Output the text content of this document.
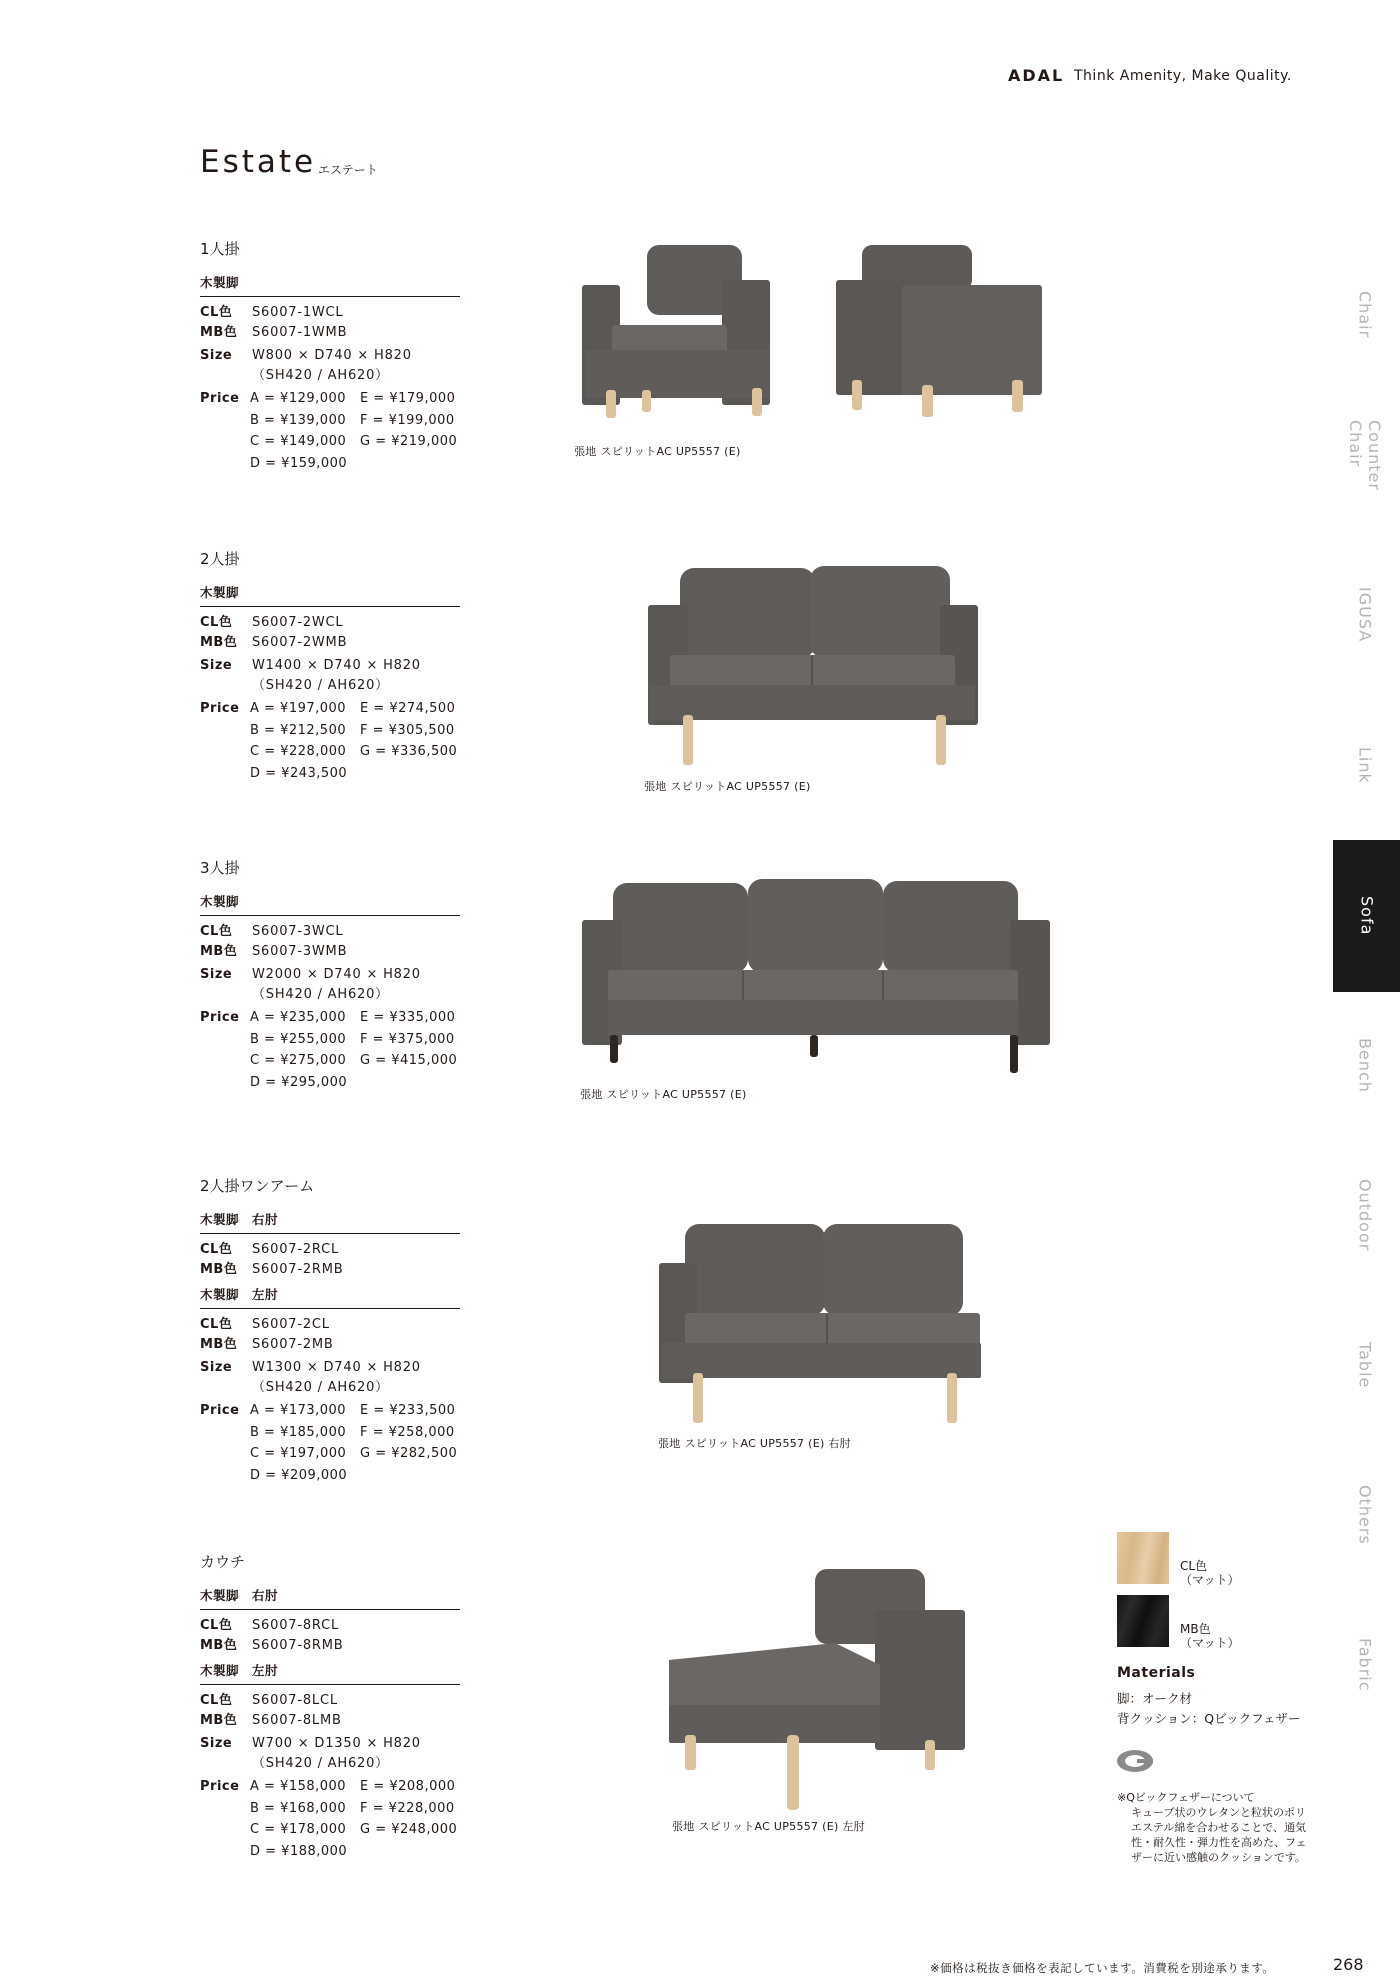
ADAL Think Amenity, Make Quality.
Estate エステート
1人掛
木製脚
CL色	S6007-1WCL
MB色	S6007-1WMB
Size	W800 × D740 × H820
（SH420 / AH620）
Price A = ¥129,000	E = ¥179,000
B = ¥139,000	F = ¥199,000
C = ¥149,000	G = ¥219,000
D = ¥159,000
2人掛
木製脚
CL色	S6007-2WCL
MB色	S6007-2WMB
Size	W1400 × D740 × H820
（SH420 / AH620）
Price A = ¥197,000	E = ¥274,500
B = ¥212,500	F = ¥305,500
C = ¥228,000	G = ¥336,500
D = ¥243,500
3人掛
木製脚
CL色	S6007-3WCL
MB色	S6007-3WMB
Size	W2000 × D740 × H820
（SH420 / AH620）
Price A = ¥235,000	E = ¥335,000
B = ¥255,000	F = ¥375,000
C = ¥275,000	G = ¥415,000
D = ¥295,000
2人掛ワンアーム
木製脚　右肘
CL色	S6007-2RCL
MB色	S6007-2RMB
木製脚　左肘
CL色	S6007-2CL
MB色	S6007-2MB
Size	W1300 × D740 × H820
（SH420 / AH620）
Price A = ¥173,000	E = ¥233,500
B = ¥185,000	F = ¥258,000
C = ¥197,000	G = ¥282,500
D = ¥209,000
カウチ
木製脚　右肘
CL色	S6007-8RCL
MB色	S6007-8RMB
木製脚　左肘
CL色	S6007-8LCL
MB色	S6007-8LMB
Size	W700 × D1350 × H820
（SH420 / AH620）
Price A = ¥158,000	E = ¥208,000
B = ¥168,000	F = ¥228,000
C = ¥178,000	G = ¥248,000
D = ¥188,000
張地 スピリットAC UP5557 (E)
張地 スピリットAC UP5557 (E)
張地 スピリットAC UP5557 (E)
張地 スピリットAC UP5557 (E) 右肘
張地 スピリットAC UP5557 (E) 左肘
Chair
Counter Chair
IGUSA
Link
Sofa
Bench
Outdoor
Table
Others
Fabric
CL色
（マット）
MB色
（マット）
Materials
脚：オーク材
背クッション：Qビックフェザー
※Qビックフェザーについて
キューブ状のウレタンと粒状のポリエステル綿を合わせることで、通気性・耐久性・弾力性を高めた、フェザーに近い感触のクッションです。
※価格は税抜き価格を表記しています。消費税を別途承ります。	268
